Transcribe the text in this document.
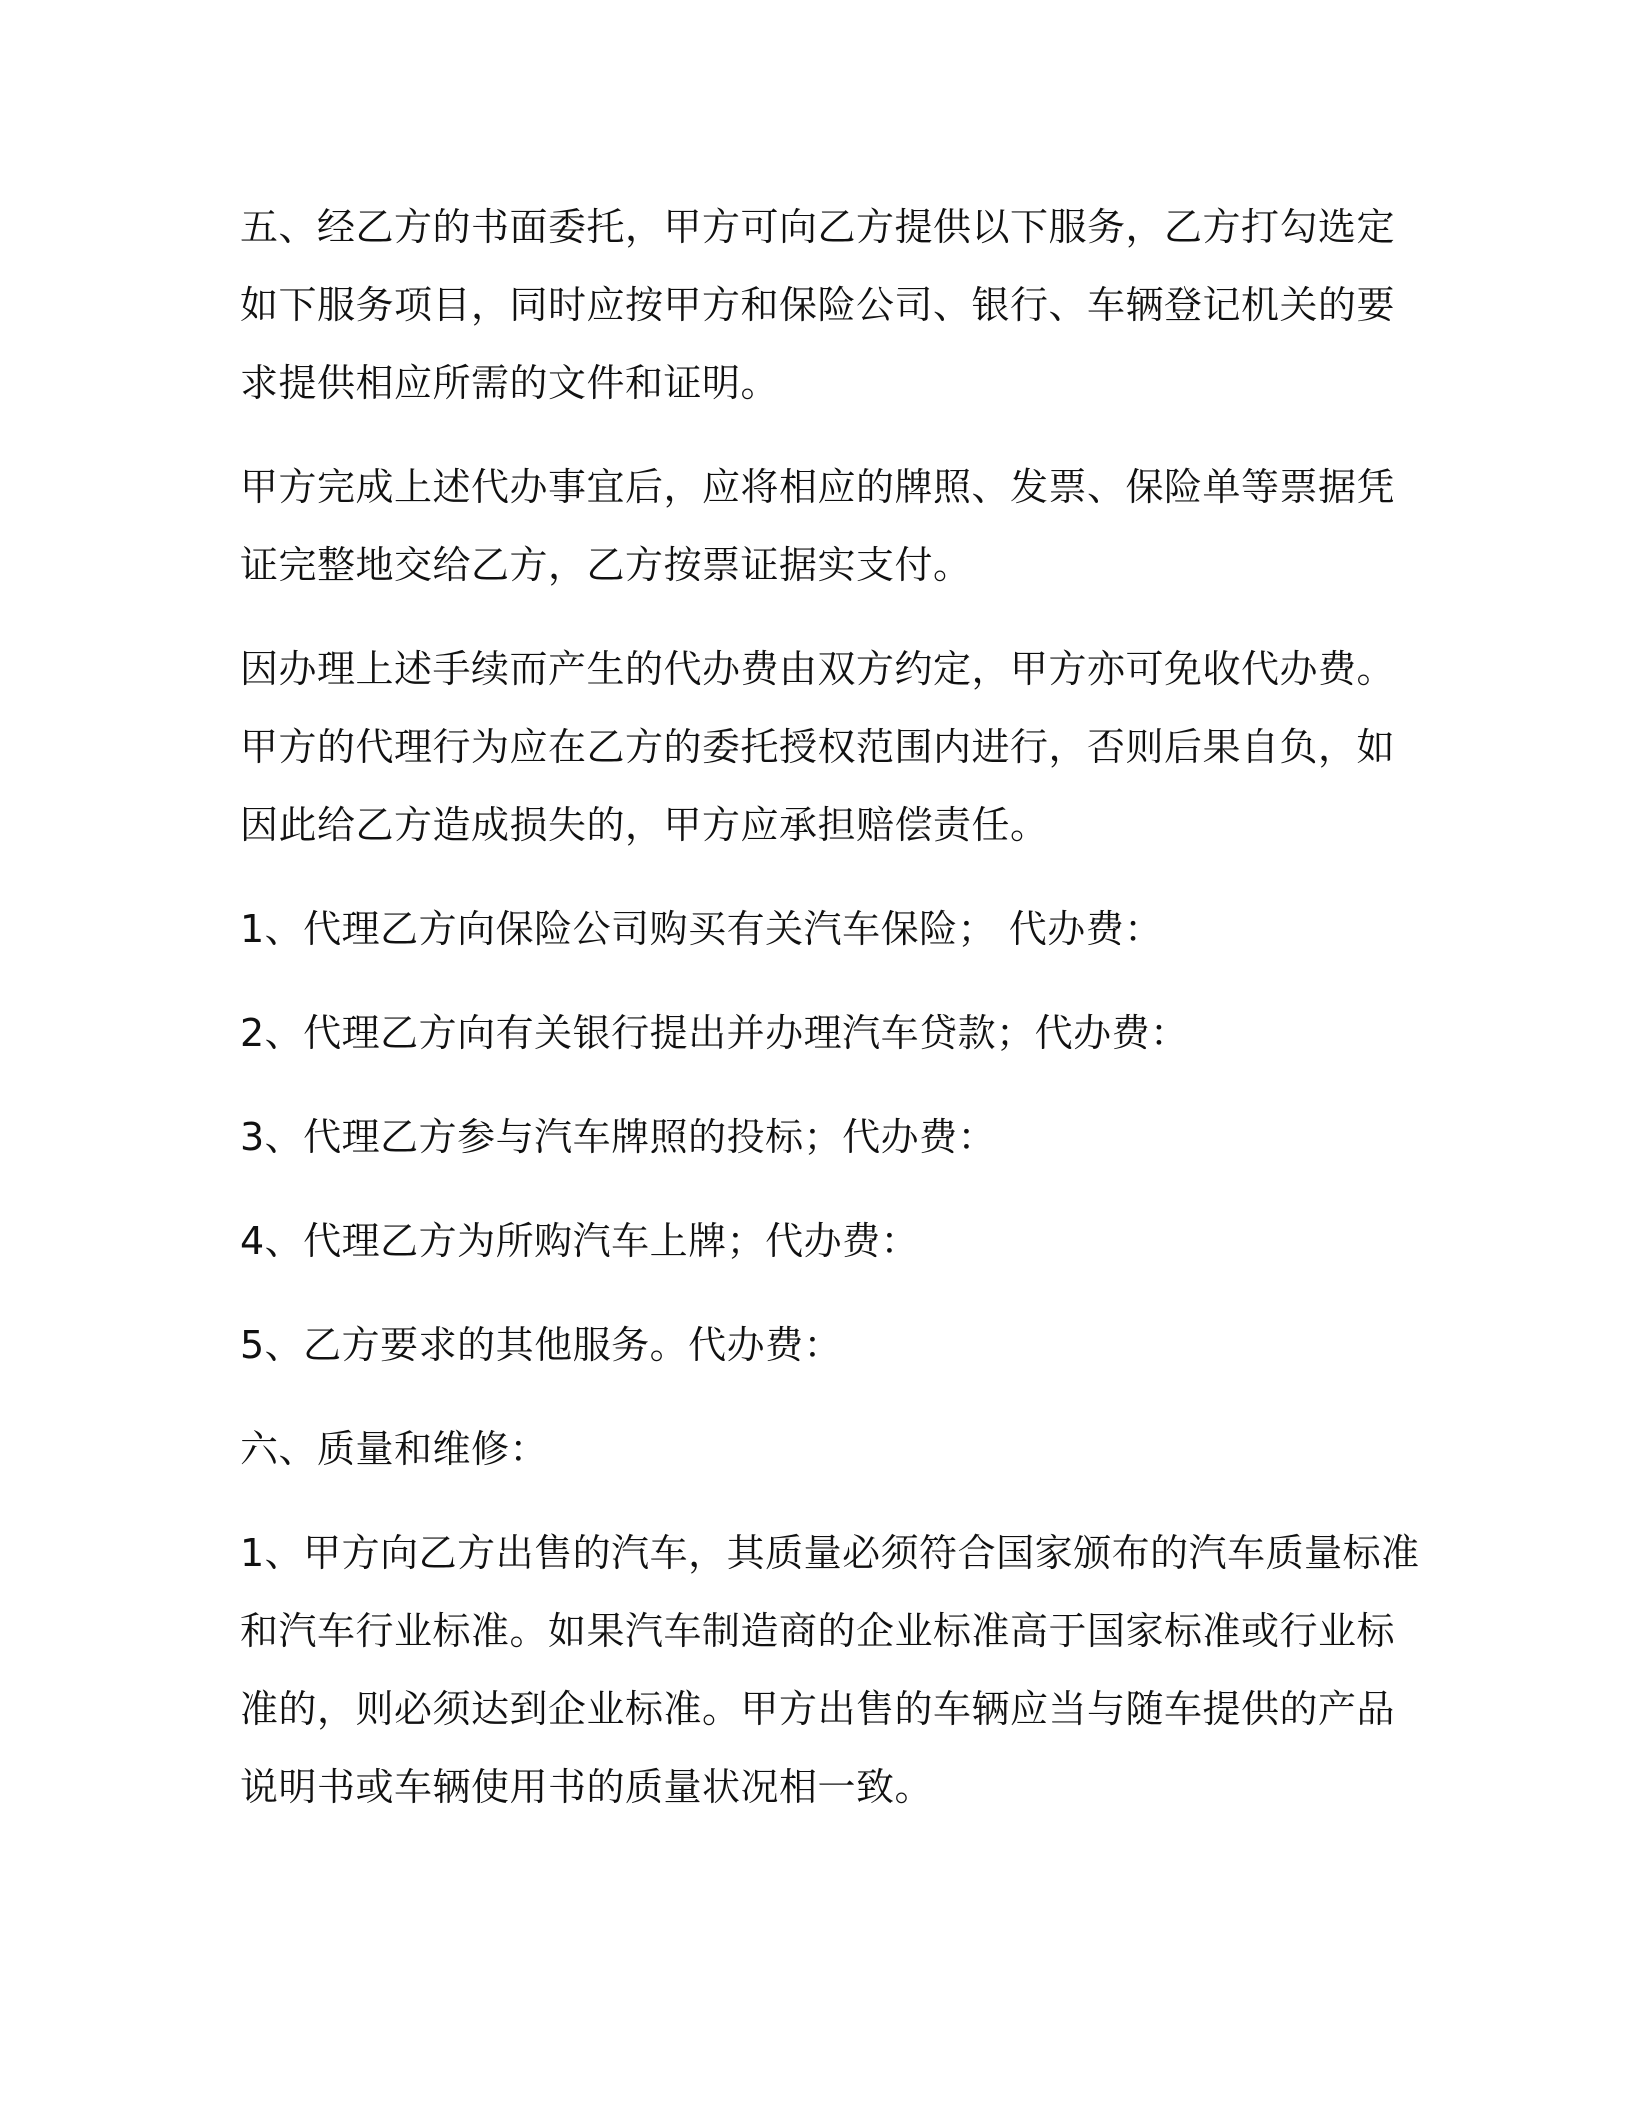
五、经乙方的书面委托，甲方可向乙方提供以下服务，乙方打勾选定
如下服务项目，同时应按甲方和保险公司、银行、车辆登记机关的要
求提供相应所需的文件和证明。

甲方完成上述代办事宜后，应将相应的牌照、发票、保险单等票据凭
证完整地交给乙方，乙方按票证据实支付。

因办理上述手续而产生的代办费由双方约定，甲方亦可免收代办费。
甲方的代理行为应在乙方的委托授权范围内进行，否则后果自负，如
因此给乙方造成损失的，甲方应承担赔偿责任。

1、代理乙方向保险公司购买有关汽车保险； 代办费：

2、代理乙方向有关银行提出并办理汽车贷款；代办费：

3、代理乙方参与汽车牌照的投标；代办费：

4、代理乙方为所购汽车上牌；代办费：

5、乙方要求的其他服务。代办费：

六、质量和维修：

1、甲方向乙方出售的汽车，其质量必须符合国家颁布的汽车质量标准
和汽车行业标准。如果汽车制造商的企业标准高于国家标准或行业标
准的，则必须达到企业标准。甲方出售的车辆应当与随车提供的产品
说明书或车辆使用书的质量状况相一致。
